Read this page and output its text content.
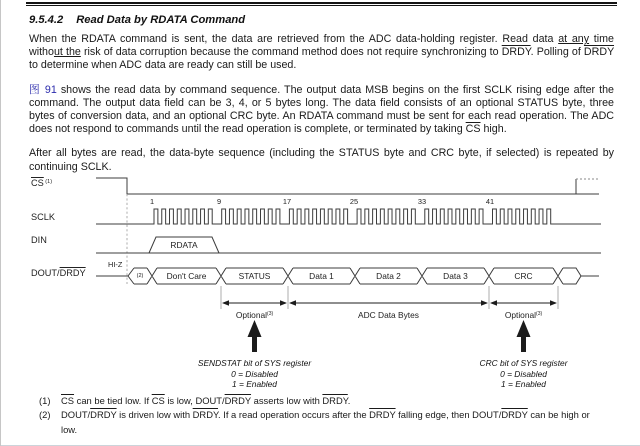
9.5.4.2 Read Data by RDATA Command

When the RDATA command is sent, the data are retrieved from the ADC data-holding register. Read data at any time without the risk of data corruption because the command method does not require synchronizing to DRDY. Polling of DRDY to determine when ADC data are ready can still be used.

图 91 shows the read data by command sequence. The output data MSB begins on the first SCLK rising edge after the command. The output data field can be 3, 4, or 5 bytes long. The data field consists of an optional STATUS byte, three bytes of conversion data, and an optional CRC byte. An RDATA command must be sent for each read operation. The ADC does not respond to commands until the read operation is complete, or terminated by taking $\overline{CS}$ high.

After all bytes are read, the data-byte sequence (including the STATUS byte and CRC byte, if selected) is repeated by continuing SCLK.

$\overline{CS}$ $^{(1)}$
SCLK
DIN
DOUT/DRDY
HI-Z
1	9	17	25	33	41
RDATA
(2)	Don't Care	STATUS	Data 1	Data 2	Data 3	CRC
Optional$^{(3)}$	ADC Data Bytes	Optional$^{(3)}$
SENDSTAT bit of SYS register
0 = Disabled
1 = Enabled
CRC bit of SYS register
0 = Disabled
1 = Enabled
(1)	$\overline{CS}$ can be tied low. If $\overline{CS}$ is low, DOUT/DRDY asserts low with DRDY.
(2)	DOUT/DRDY is driven low with DRDY. If a read operation occurs after the DRDY falling edge, then DOUT/DRDY can be high or low.
